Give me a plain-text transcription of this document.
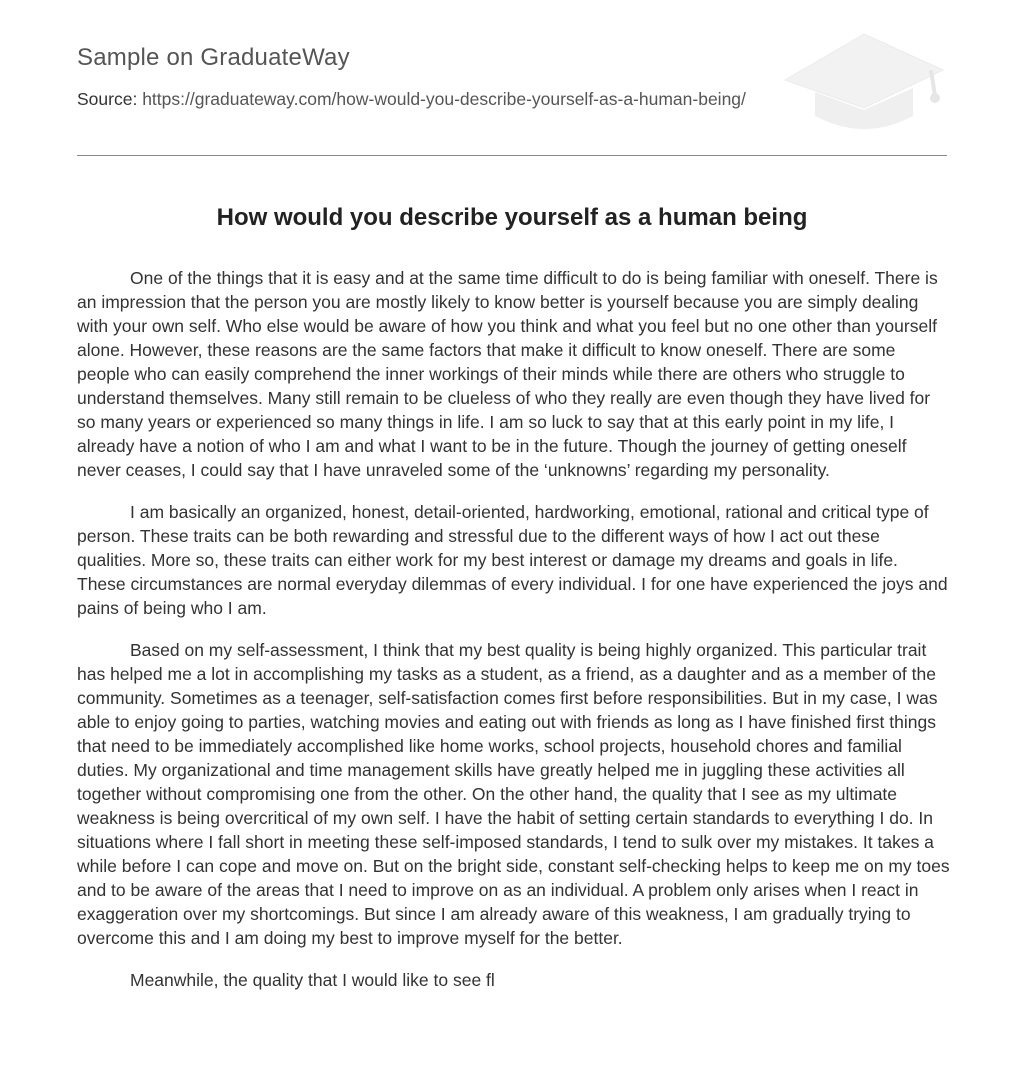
Sample on GraduateWay
Source: https://graduateway.com/how-would-you-describe-yourself-as-a-human-being/
How would you describe yourself as a human being

One of the things that it is easy and at the same time difficult to do is being familiar with oneself. There is an impression that the person you are mostly likely to know better is yourself because you are simply dealing with your own self. Who else would be aware of how you think and what you feel but no one other than yourself alone. However, these reasons are the same factors that make it difficult to know oneself. There are some people who can easily comprehend the inner workings of their minds while there are others who struggle to understand themselves. Many still remain to be clueless of who they really are even though they have lived for so many years or experienced so many things in life. I am so luck to say that at this early point in my life, I already have a notion of who I am and what I want to be in the future. Though the journey of getting oneself never ceases, I could say that I have unraveled some of the ‘unknowns’ regarding my personality.

I am basically an organized, honest, detail-oriented, hardworking, emotional, rational and critical type of person. These traits can be both rewarding and stressful due to the different ways of how I act out these qualities. More so, these traits can either work for my best interest or damage my dreams and goals in life. These circumstances are normal everyday dilemmas of every individual. I for one have experienced the joys and pains of being who I am.

Based on my self-assessment, I think that my best quality is being highly organized. This particular trait has helped me a lot in accomplishing my tasks as a student, as a friend, as a daughter and as a member of the community. Sometimes as a teenager, self-satisfaction comes first before responsibilities. But in my case, I was able to enjoy going to parties, watching movies and eating out with friends as long as I have finished first things that need to be immediately accomplished like home works, school projects, household chores and familial duties. My organizational and time management skills have greatly helped me in juggling these activities all together without compromising one from the other. On the other hand, the quality that I see as my ultimate weakness is being overcritical of my own self. I have the habit of setting certain standards to everything I do. In situations where I fall short in meeting these self-imposed standards, I tend to sulk over my mistakes. It takes a while before I can cope and move on. But on the bright side, constant self-checking helps to keep me on my toes and to be aware of the areas that I need to improve on as an individual. A problem only arises when I react in exaggeration over my shortcomings. But since I am already aware of this weakness, I am gradually trying to overcome this and I am doing my best to improve myself for the better.

Meanwhile, the quality that I would like to see fl
